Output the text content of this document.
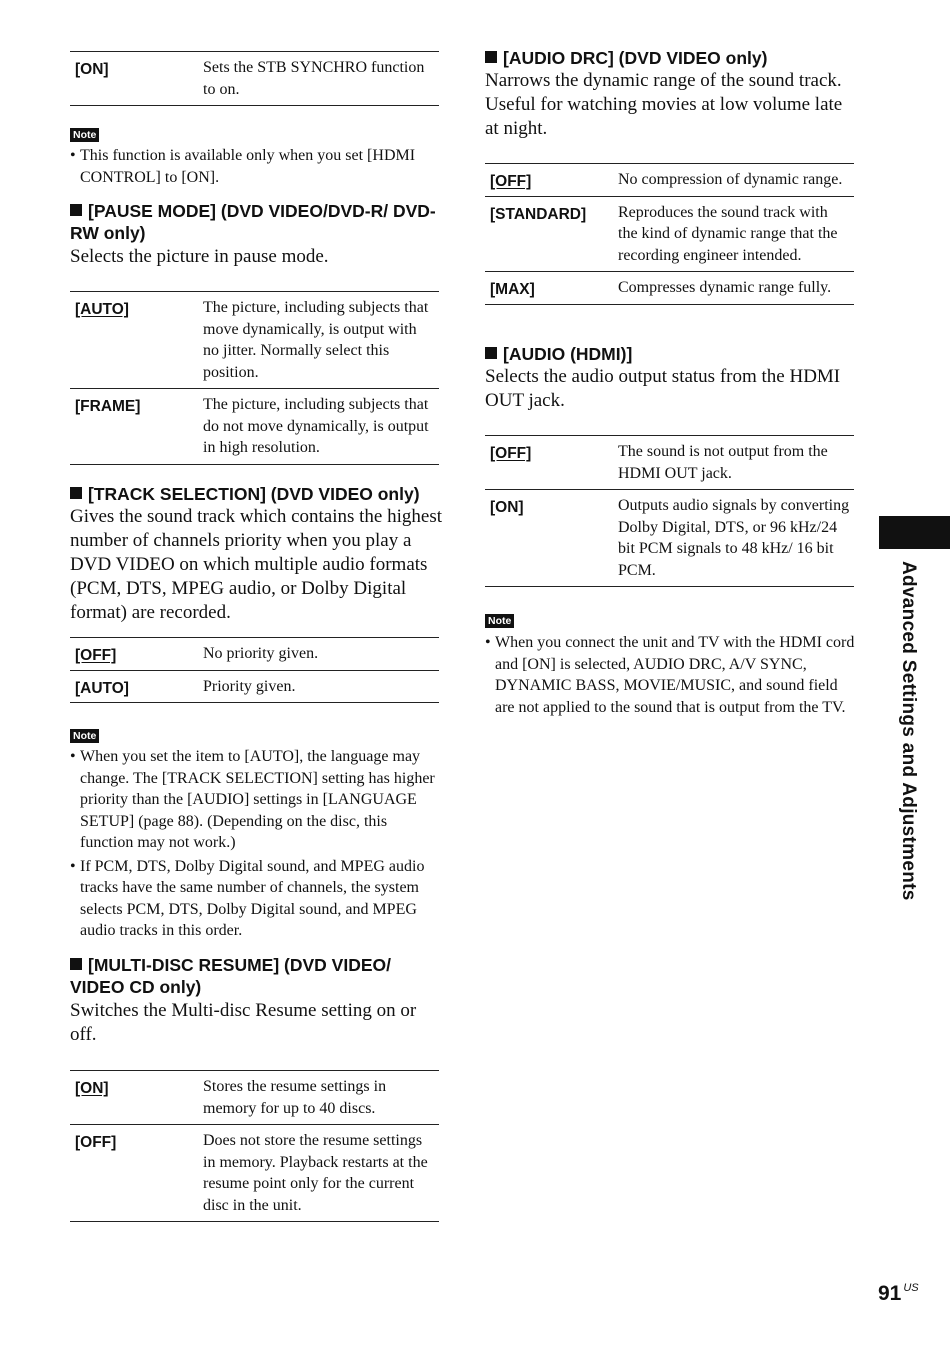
[ON]	Sets the STB SYNCHRO function to on.
Note
• This function is available only when you set [HDMI CONTROL] to [ON].
[PAUSE MODE] (DVD VIDEO/DVD-R/ DVD-RW only)
Selects the picture in pause mode.
[AUTO]	The picture, including subjects that move dynamically, is output with no jitter. Normally select this position.
[FRAME]	The picture, including subjects that do not move dynamically, is output in high resolution.
[TRACK SELECTION] (DVD VIDEO only)
Gives the sound track which contains the highest number of channels priority when you play a DVD VIDEO on which multiple audio formats (PCM, DTS, MPEG audio, or Dolby Digital format) are recorded.
[OFF]	No priority given.
[AUTO]	Priority given.
Note
• When you set the item to [AUTO], the language may change. The [TRACK SELECTION] setting has higher priority than the [AUDIO] settings in [LANGUAGE SETUP] (page 88). (Depending on the disc, this function may not work.)
• If PCM, DTS, Dolby Digital sound, and MPEG audio tracks have the same number of channels, the system selects PCM, DTS, Dolby Digital sound, and MPEG audio tracks in this order.
[MULTI-DISC RESUME] (DVD VIDEO/ VIDEO CD only)
Switches the Multi-disc Resume setting on or off.
[ON]	Stores the resume settings in memory for up to 40 discs.
[OFF]	Does not store the resume settings in memory. Playback restarts at the resume point only for the current disc in the unit.
[AUDIO DRC] (DVD VIDEO only)
Narrows the dynamic range of the sound track. Useful for watching movies at low volume late at night.
[OFF]	No compression of dynamic range.
[STANDARD] Reproduces the sound track with the kind of dynamic range that the recording engineer intended.
[MAX]	Compresses dynamic range fully.
[AUDIO (HDMI)]
Selects the audio output status from the HDMI OUT jack.
[OFF]	The sound is not output from the HDMI OUT jack.
[ON]	Outputs audio signals by converting Dolby Digital, DTS, or 96 kHz/24 bit PCM signals to 48 kHz/ 16 bit PCM.
Note
• When you connect the unit and TV with the HDMI cord and [ON] is selected, AUDIO DRC, A/V SYNC, DYNAMIC BASS, MOVIE/MUSIC, and sound field are not applied to the sound that is output from the TV.	Advanced Settings and Adjustments
91 $^{US}$
